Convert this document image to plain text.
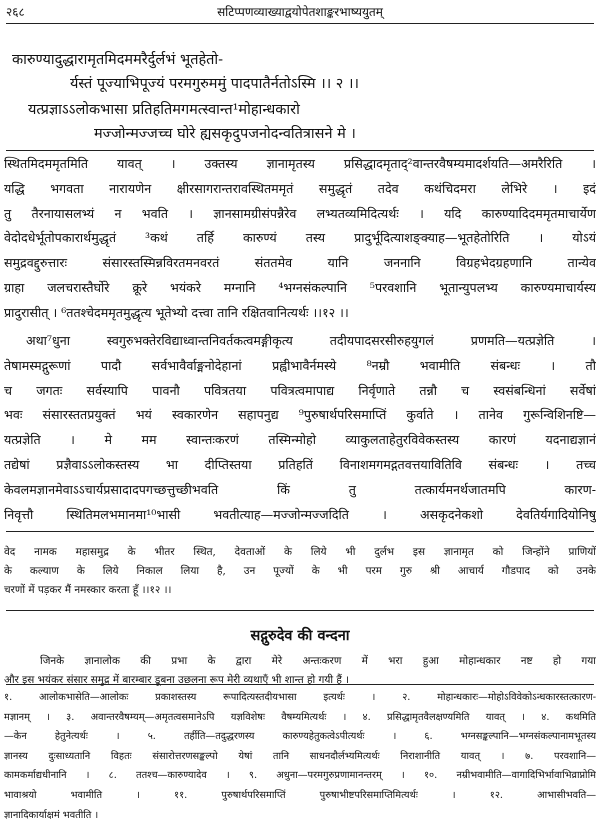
२६८	सटिप्पणव्याख्याद्वयोपेतशाङ्करभाष्ययुतम्
कारुण्यादुद्धारामृतमिदममरैर्दुर्लभं भूतहेतो-
र्यस्तं पूज्याभिपूज्यं परमगुरुममुं पादपातैर्नतोऽस्मि ।। २ ।।
यत्प्रज्ञाऽऽलोकभासा प्रतिहतिमगमत्स्वान्त¹मोहान्धकारो
मज्जोन्मज्जच्च घोरे ह्यसकृदुपजनोदन्वतित्रासने मे ।
स्थितमिदममृतमिति यावत् । उक्तस्य ज्ञानामृतस्य प्रसिद्धादमृताद्²वान्तरवैषम्यमादर्शयति—अमरैरिति ।
यद्धि भगवता नारायणेन क्षीरसागरान्तरावस्थितममृतं समुद्धृतं तदेव कथंचिदमरा लेभिरे । इदं
तु तैरनायासलभ्यं न भवति । ज्ञानसामग्रीसंपन्नैरेव लभ्यतव्यमिदित्यर्थः । यदि कारुण्यादिदममृतमाचार्येण
वेदोदधेर्भूतोपकारार्थमुद्धृतं ³कथं तर्हि कारुण्यं तस्य प्रादुर्भूदित्याशङ्क्याह—भूतहेतोरिति । योऽयं
समुद्रवद्दुरुत्तारः संसारस्तस्मिन्नविरतमनवरतं संततमेव यानि जननानि विग्रहभेदग्रहणानि तान्येव
ग्राहा जलचरास्तैर्घोरे क्रूरे भयंकरे मग्नानि ⁴भग्नसंकल्पानि ⁵परवशानि भूतान्युपलभ्य कारुण्यमाचार्यस्य
प्रादुरासीत् । ⁶ततश्चेदममृतमुद्धृत्य भूतेभ्यो दत्त्वा तानि रक्षितवानित्यर्थः ।।१२ ।।
अथा⁷धुना स्वगुरुभक्तेरविद्याध्वान्तनिवर्तकत्वमङ्गीकृत्य तदीयपादसरसीरुहयुगलं प्रणमति—यत्प्रज्ञेति ।
तेषामस्मद्गुरूणां पादौ सर्वभावैर्वाङ्मनोदेहानां प्रह्वीभावैर्नमस्ये ⁸नम्रौ भवामीति संबन्धः । तौ
च जगतः सर्वस्यापि पावनौ पवित्रतया पवित्रत्वमापाद्य निर्वृणाते तन्नौ च स्वसंबन्धिनां सर्वेषां
भवः संसारस्ततप्रयुक्तं भयं स्वकारणेन सहापनुद्य ⁹पुरुषार्थपरिसमाप्तिं कुर्वाते । तानेव गुरून्विशिनष्टि—
यत्प्रज्ञेति । मे मम स्वान्तःकरणं तस्मिन्मोहो व्याकुलताहेतुरविवेकस्तस्य कारणं यदनाद्यज्ञानं
तद्येषां प्रज्ञैवाऽऽलोकस्तस्य भा दीप्तिस्तया प्रतिहतिं विनाशमगमद्गतवत्तयावितिवि संबन्धः । तच्च
केवलमज्ञानमेवाऽऽचार्यप्रसादादपगच्छत्तुच्छीभवति किं तु तत्कार्यमनर्थजातमपि कारण-
निवृत्तौ स्थितिमलभमानमा¹⁰भासी भवतीत्याह—मज्जोन्मज्जदिति । असकृदनेकशो देवतिर्यगादियोनिषु
वेद नामक महासमुद्र के भीतर स्थित, देवताओं के लिये भी दुर्लभ इस ज्ञानामृत को जिन्होंने प्राणियों
के कल्याण के लिये निकाल लिया है, उन पूज्यों के भी परम गुरु श्री आचार्य गौडपाद को उनके
चरणों में पड़कर मैं नमस्कार करता हूँ ।।१२ ।।
सद्गुरुदेव की वन्दना
जिनके ज्ञानालोक की प्रभा के द्वारा मेरे अन्तःकरण में भरा हुआ मोहान्धकार नष्ट हो गया
और इस भयंकर संसार समुद्र में बारम्बार डूबना उछलना रूप मेरी व्यथाएँ भी शान्त हो गयी हैं ।
१. आलोकभासेति—आलोकः प्रकाशस्तस्य रूपादित्यस्तदीयभासा इत्यर्थः । २. मोहान्धकारः—मोहोऽविवेकोऽन्धकारस्तत्कारण-
मज्ञानम् । ३. अवान्तरवैषम्यम्—अमृतत्वसमानेऽपि यज्ञविशेषः वैषम्यमित्यर्थः । ४. प्रसिद्धामृतवैलक्षण्यमिति यावत् । ४. कथमिति
—केन हेतुनेत्यर्थः । ५. तर्हीति—तदुद्धरणस्य कारुण्यहेतुकत्वेऽपीत्यर्थः । ६. भग्नसङ्कल्पानि—भग्नसंकल्पानामभूतस्य
ज्ञानस्य दुःसाध्यतानि विहतः संसारोत्तरणसङ्कल्पो येषां तानि साधनदौर्लभ्यमित्यर्थः निराशानीति यावत् । ७. परवशानि—
कामकर्माद्यधीनानि । ८. ततश्च—कारुण्यादेव । ९. अधुना—परमगुरुप्रणामानन्तरम् । १०. नम्रीभवामीति—वागादिभिर्भावाभिव्राप्नोमि
भावाश्रयो भवामीति । ११. पुरुषार्थपरिसमाप्तिं पुरुषाभीष्टपरिसमाप्तिमित्यर्थः । १२. आभासीभवति—
ज्ञानादिकार्याक्षमं भवतीति ।
